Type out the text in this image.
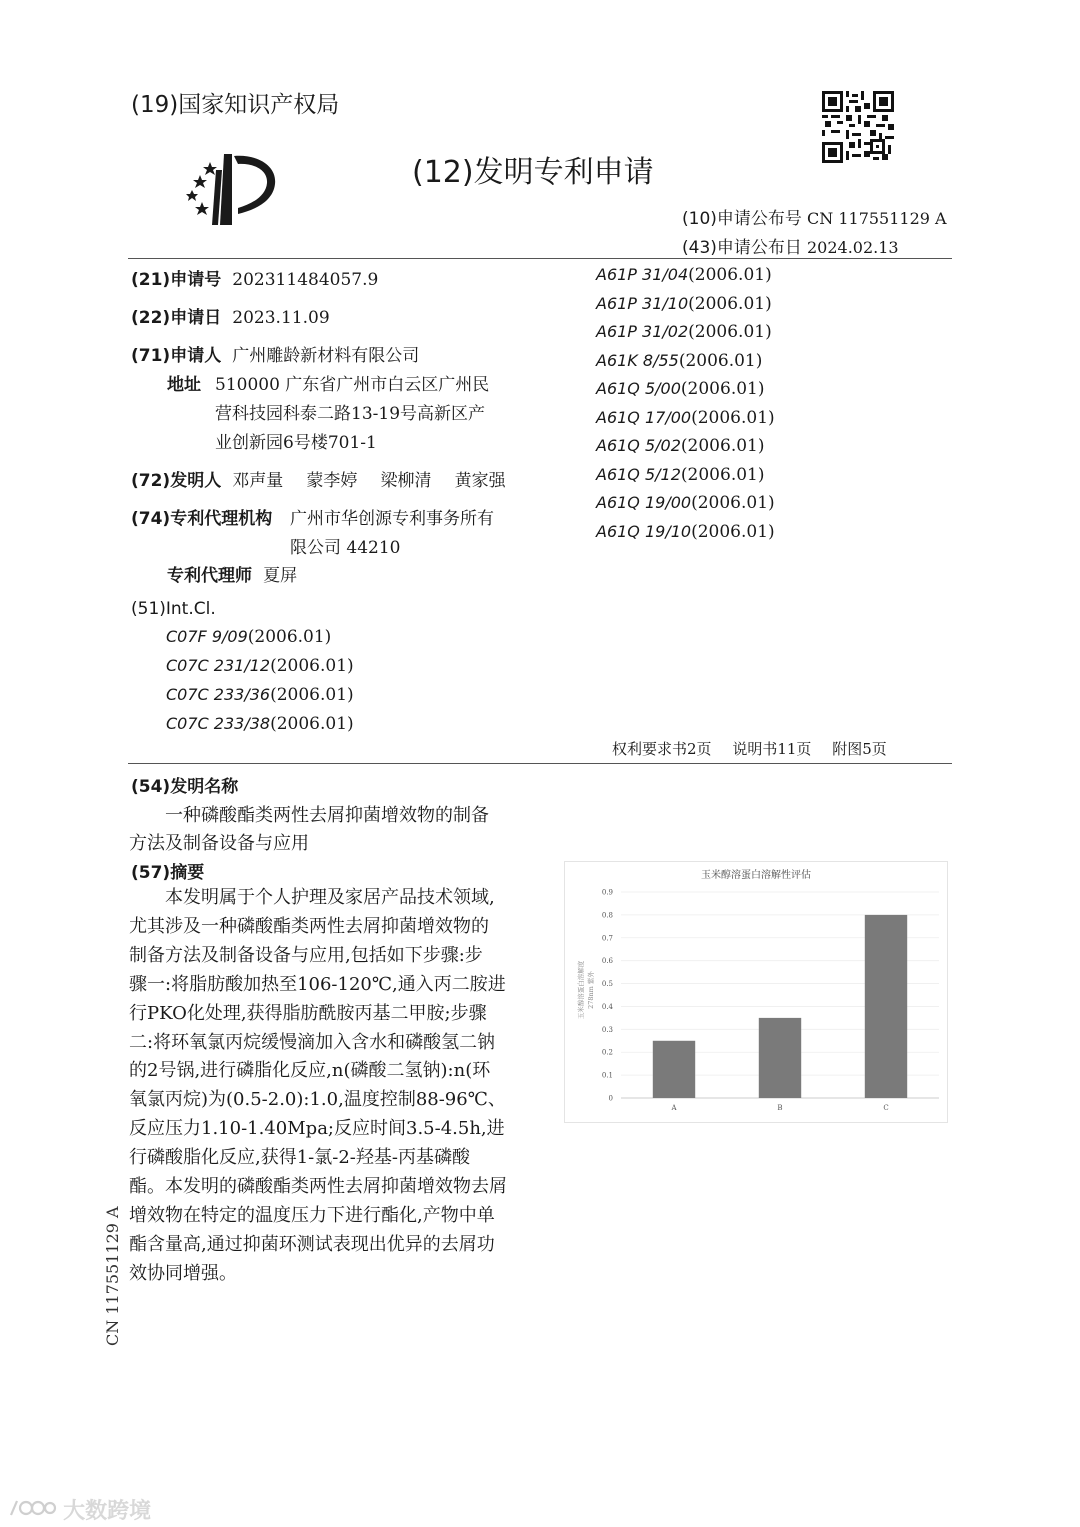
(19)国家知识产权局
(12)发明专利申请
(10)申请公布号 CN 117551129 A
(43)申请公布日 2024.02.13
(21)申请号 202311484057.9
(22)申请日 2023.11.09
(71)申请人 广州雕龄新材料有限公司
地址 510000 广东省广州市白云区广州民
营科技园科泰二路13-19号高新区产
业创新园6号楼701-1
(72)发明人 邓声量 蒙李婷 梁柳清 黄家强
(74)专利代理机构 广州市华创源专利事务所有
限公司 44210
专利代理师 夏屏
(51)Int.Cl.
C07F 9/09(2006.01)
C07C 231/12(2006.01)
C07C 233/36(2006.01)
C07C 233/38(2006.01)
A61P 31/04(2006.01)
A61P 31/10(2006.01)
A61P 31/02(2006.01)
A61K 8/55(2006.01)
A61Q 5/00(2006.01)
A61Q 17/00(2006.01)
A61Q 5/02(2006.01)
A61Q 5/12(2006.01)
A61Q 19/00(2006.01)
A61Q 19/10(2006.01)
权利要求书2页 说明书11页 附图5页
(54)发明名称
一种磷酸酯类两性去屑抑菌增效物的制备
方法及制备设备与应用
(57)摘要
本发明属于个人护理及家居产品技术领域,
尤其涉及一种磷酸酯类两性去屑抑菌增效物的
制备方法及制备设备与应用,包括如下步骤:步
骤一:将脂肪酸加热至106-120℃,通入丙二胺进
行PKO化处理,获得脂肪酰胺丙基二甲胺;步骤
二:将环氧氯丙烷缓慢滴加入含水和磷酸氢二钠
的2号锅,进行磷脂化反应,n(磷酸二氢钠):n(环
氧氯丙烷)为(0.5-2.0):1.0,温度控制88-96℃、
反应压力1.10-1.40Mpa;反应时间3.5-4.5h,进
行磷酸脂化反应,获得1-氯-2-羟基-丙基磷酸
酯。本发明的磷酸酯类两性去屑抑菌增效物去屑
增效物在特定的温度压力下进行酯化,产物中单
酯含量高,通过抑菌环测试表现出优异的去屑功
效协同增强。
玉米醇溶蛋白溶解性评估
玉米醇溶蛋白溶解度 278nm 紫外
0
0.1
0.2
0.3
0.4
0.5
0.6
0.7
0.8
0.9
A	B	C
CN 117551129 A
大数跨境
